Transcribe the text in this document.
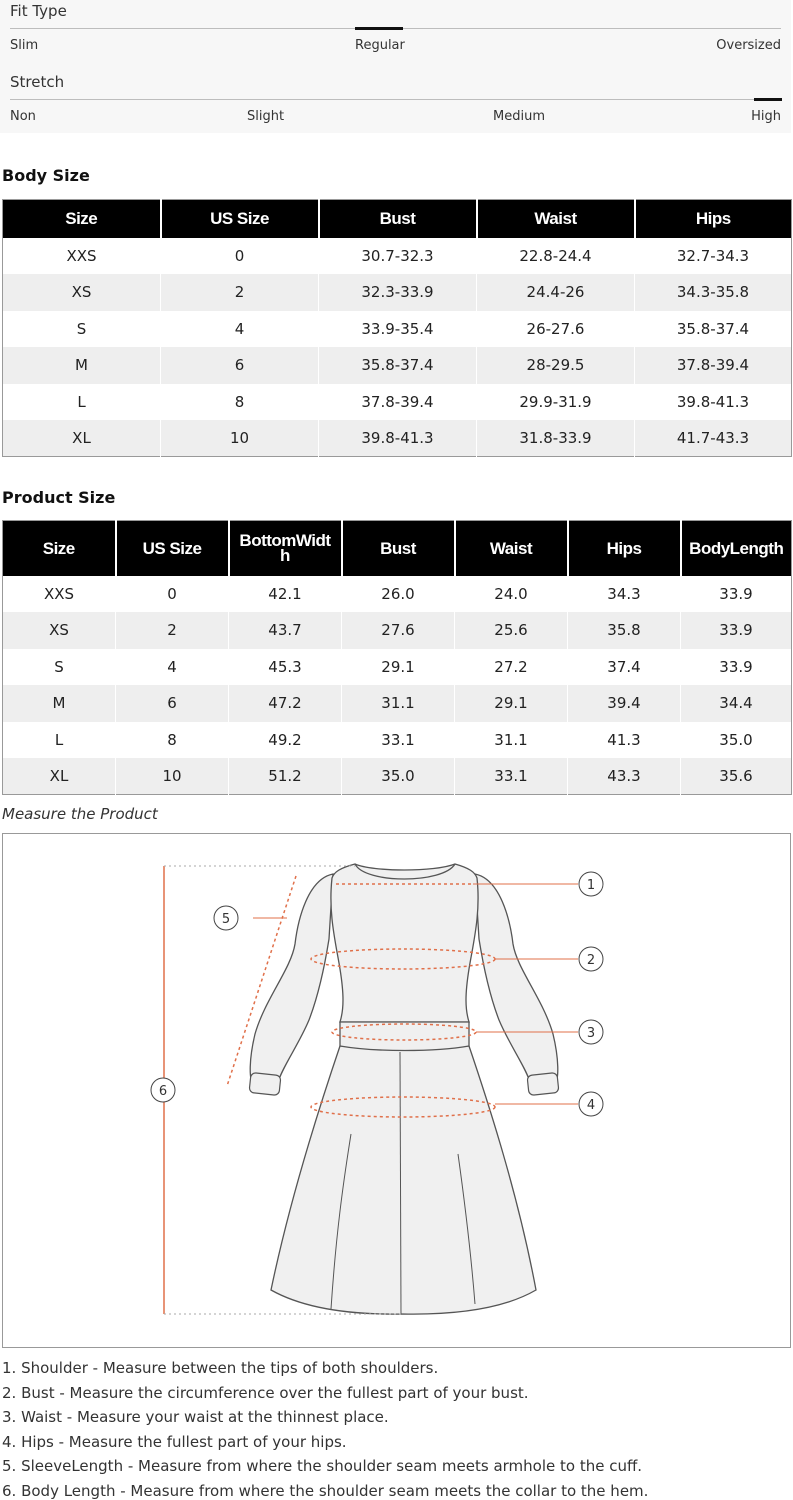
Fit Type
Slim	Regular	Oversized
Stretch
Non	Slight	Medium	High
Body Size
Size	US Size	Bust	Waist	Hips
XXS	0	30.7-32.3	22.8-24.4	32.7-34.3
XS	2	32.3-33.9	24.4-26	34.3-35.8
S	4	33.9-35.4	26-27.6	35.8-37.4
M	6	35.8-37.4	28-29.5	37.8-39.4
L	8	37.8-39.4	29.9-31.9	39.8-41.3
XL	10	39.8-41.3	31.8-33.9	41.7-43.3
Product Size
Size	US Size	BottomWidth	Bust	Waist	Hips	BodyLength
XXS	0	42.1	26.0	24.0	34.3	33.9
XS	2	43.7	27.6	25.6	35.8	33.9
S	4	45.3	29.1	27.2	37.4	33.9
M	6	47.2	31.1	29.1	39.4	34.4
L	8	49.2	33.1	31.1	41.3	35.0
XL	10	51.2	35.0	33.1	43.3	35.6
Measure the Product
1
2
3
4
5
6
1. Shoulder - Measure between the tips of both shoulders.
2. Bust - Measure the circumference over the fullest part of your bust.
3. Waist - Measure your waist at the thinnest place.
4. Hips - Measure the fullest part of your hips.
5. SleeveLength - Measure from where the shoulder seam meets armhole to the cuff.
6. Body Length - Measure from where the shoulder seam meets the collar to the hem.
